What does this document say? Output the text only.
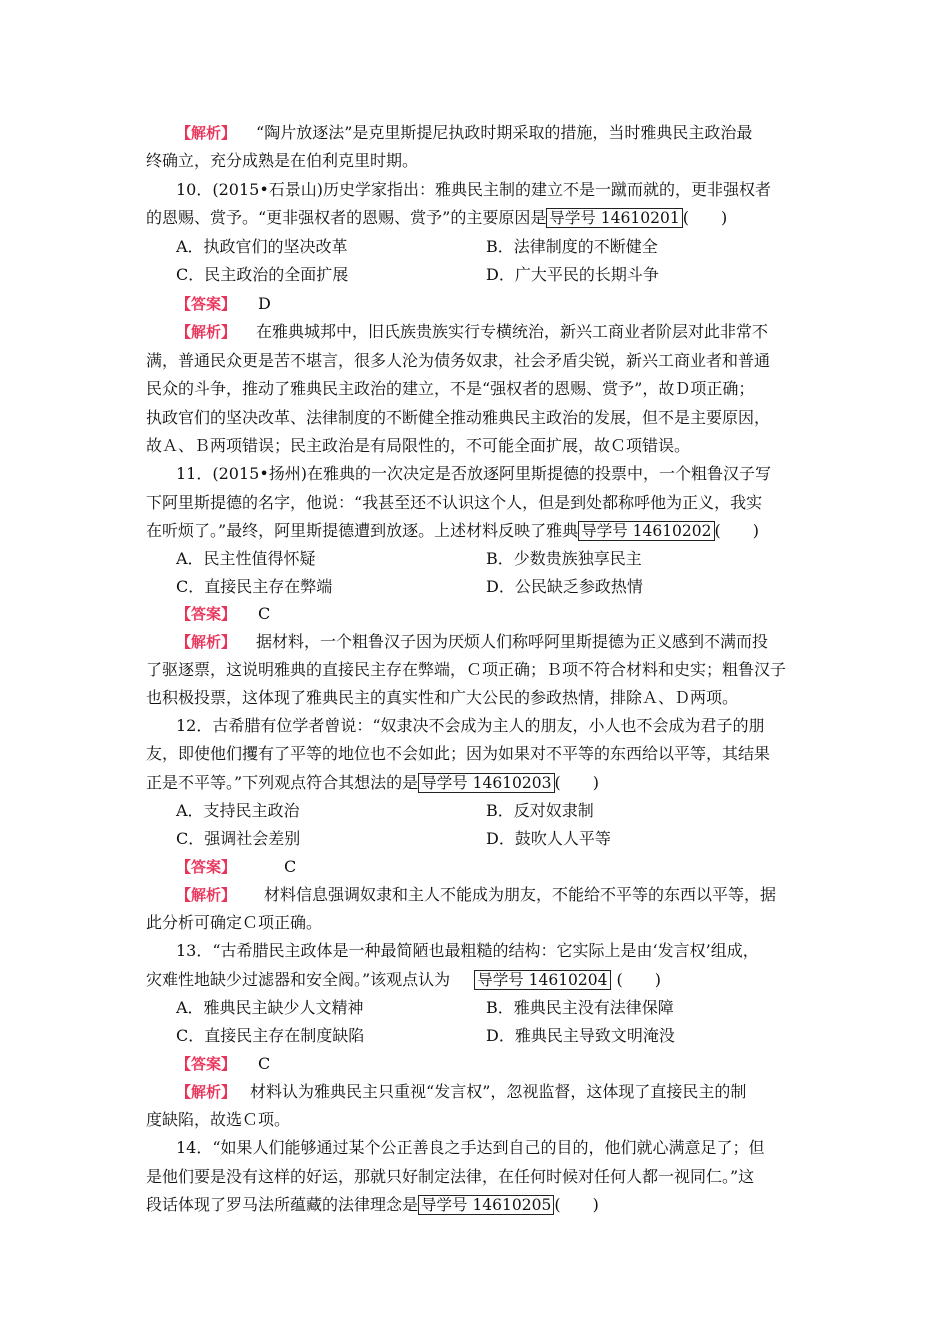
【解析】 “陶片放逐法”是克里斯提尼执政时期采取的措施，当时雅典民主政治最
终确立，充分成熟是在伯利克里时期。
10．(2015•石景山)历史学家指出：雅典民主制的建立不是一蹴而就的，更非强权者
的恩赐、赏予。“更非强权者的恩赐、赏予”的主要原因是 导学号 14610201 (　　)
A．执政官们的坚决改革	B．法律制度的不断健全
C．民主政治的全面扩展	D．广大平民的长期斗争
【答案】 D
【解析】 在雅典城邦中，旧氏族贵族实行专横统治，新兴工商业者阶层对此非常不
满，普通民众更是苦不堪言，很多人沦为债务奴隶，社会矛盾尖锐，新兴工商业者和普通
民众的斗争，推动了雅典民主政治的建立，不是“强权者的恩赐、赏予”，故Ｄ项正确；
执政官们的坚决改革、法律制度的不断健全推动雅典民主政治的发展，但不是主要原因，
故Ａ、Ｂ两项错误；民主政治是有局限性的，不可能全面扩展，故Ｃ项错误。
11．(2015•扬州)在雅典的一次决定是否放逐阿里斯提德的投票中，一个粗鲁汉子写
下阿里斯提德的名字，他说：“我甚至还不认识这个人，但是到处都称呼他为正义，我实
在听烦了。”最终，阿里斯提德遭到放逐。上述材料反映了雅典 导学号 14610202 (　　)
A．民主性值得怀疑	B．少数贵族独享民主
C．直接民主存在弊端	D．公民缺乏参政热情
【答案】 C
【解析】 据材料，一个粗鲁汉子因为厌烦人们称呼阿里斯提德为正义感到不满而投
了驱逐票，这说明雅典的直接民主存在弊端，Ｃ项正确；Ｂ项不符合材料和史实；粗鲁汉子
也积极投票，这体现了雅典民主的真实性和广大公民的参政热情，排除Ａ、Ｄ两项。
12．古希腊有位学者曾说：“奴隶决不会成为主人的朋友，小人也不会成为君子的朋
友，即使他们攫有了平等的地位也不会如此；因为如果对不平等的东西给以平等，其结果
正是不平等。”下列观点符合其想法的是 导学号 14610203 (　　)
A．支持民主政治	B．反对奴隶制
C．强调社会差别	D．鼓吹人人平等
【答案】	C
【解析】 材料信息强调奴隶和主人不能成为朋友，不能给不平等的东西以平等，据
此分析可确定Ｃ项正确。
13．“古希腊民主政体是一种最简陋也最粗糙的结构：它实际上是由‘发言权’组成，
灾难性地缺少过滤器和安全阀。”该观点认为 导学号 14610204 (　　)
A．雅典民主缺少人文精神	B．雅典民主没有法律保障
C．直接民主存在制度缺陷	D．雅典民主导致文明淹没
【答案】 C
【解析】 材料认为雅典民主只重视“发言权”，忽视监督，这体现了直接民主的制
度缺陷，故选Ｃ项。
14．“如果人们能够通过某个公正善良之手达到自己的目的，他们就心满意足了；但
是他们要是没有这样的好运，那就只好制定法律，在任何时候对任何人都一视同仁。”这
段话体现了罗马法所蕴藏的法律理念是 导学号 14610205 (　　)
